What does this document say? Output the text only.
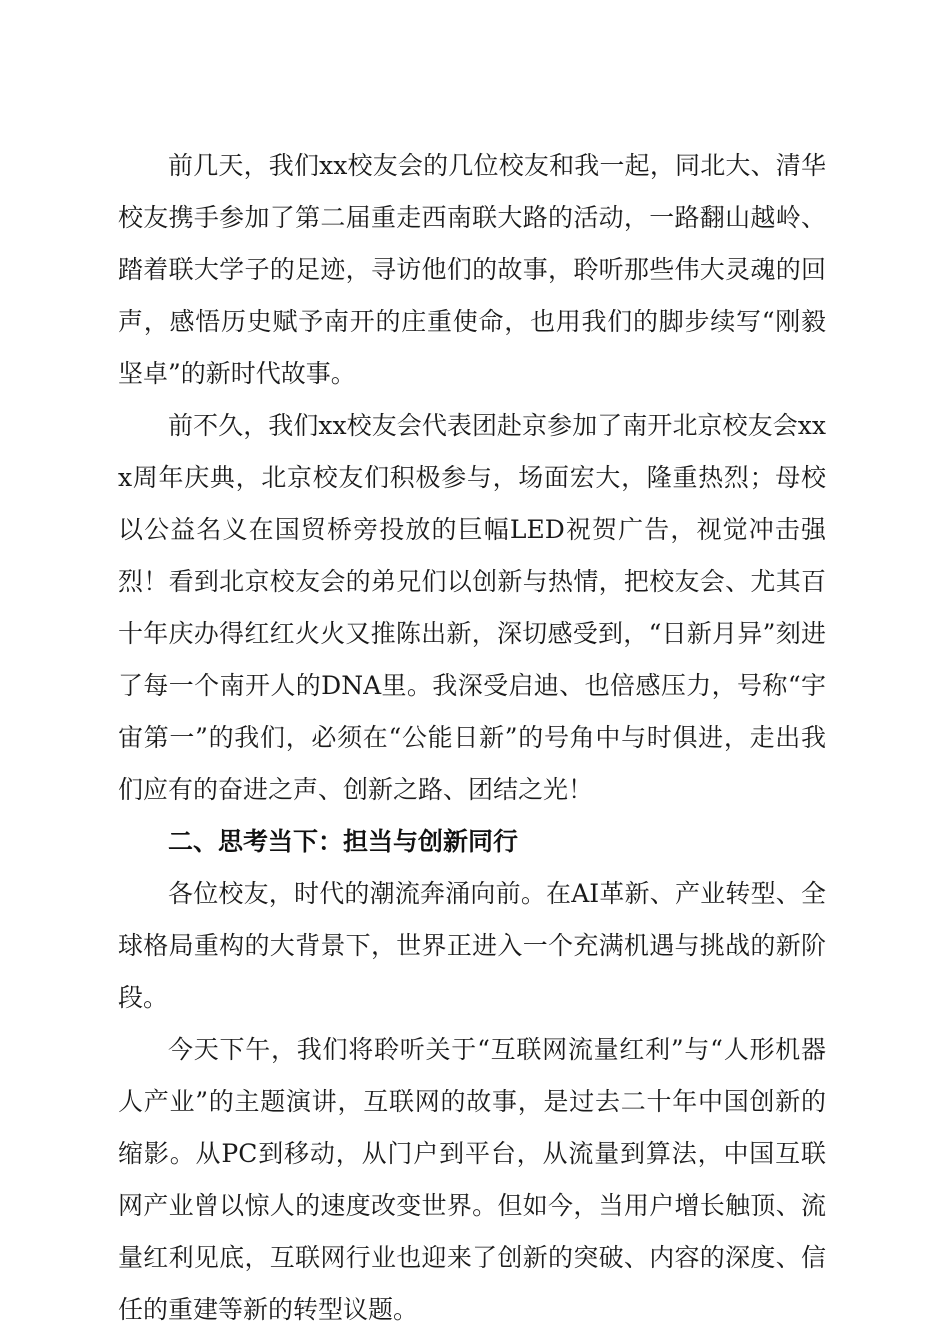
前几天，我们xx校友会的几位校友和我一起，同北大、清华校友携手参加了第二届重走西南联大路的活动，一路翻山越岭、踏着联大学子的足迹，寻访他们的故事，聆听那些伟大灵魂的回声，感悟历史赋予南开的庄重使命，也用我们的脚步续写“刚毅坚卓”的新时代故事。

前不久，我们xx校友会代表团赴京参加了南开北京校友会xxx周年庆典，北京校友们积极参与，场面宏大，隆重热烈；母校以公益名义在国贸桥旁投放的巨幅LED祝贺广告，视觉冲击强烈！看到北京校友会的弟兄们以创新与热情，把校友会、尤其百十年庆办得红红火火又推陈出新，深切感受到，“日新月异”刻进了每一个南开人的DNA里。我深受启迪、也倍感压力，号称“宇宙第一”的我们，必须在“公能日新”的号角中与时俱进，走出我们应有的奋进之声、创新之路、团结之光！

二、思考当下：担当与创新同行

各位校友，时代的潮流奔涌向前。在AI革新、产业转型、全球格局重构的大背景下，世界正进入一个充满机遇与挑战的新阶段。

今天下午，我们将聆听关于“互联网流量红利”与“人形机器人产业”的主题演讲，互联网的故事，是过去二十年中国创新的缩影。从PC到移动，从门户到平台，从流量到算法，中国互联网产业曾以惊人的速度改变世界。但如今，当用户增长触顶、流量红利见底，互联网行业也迎来了创新的突破、内容的深度、信任的重建等新的转型议题。
